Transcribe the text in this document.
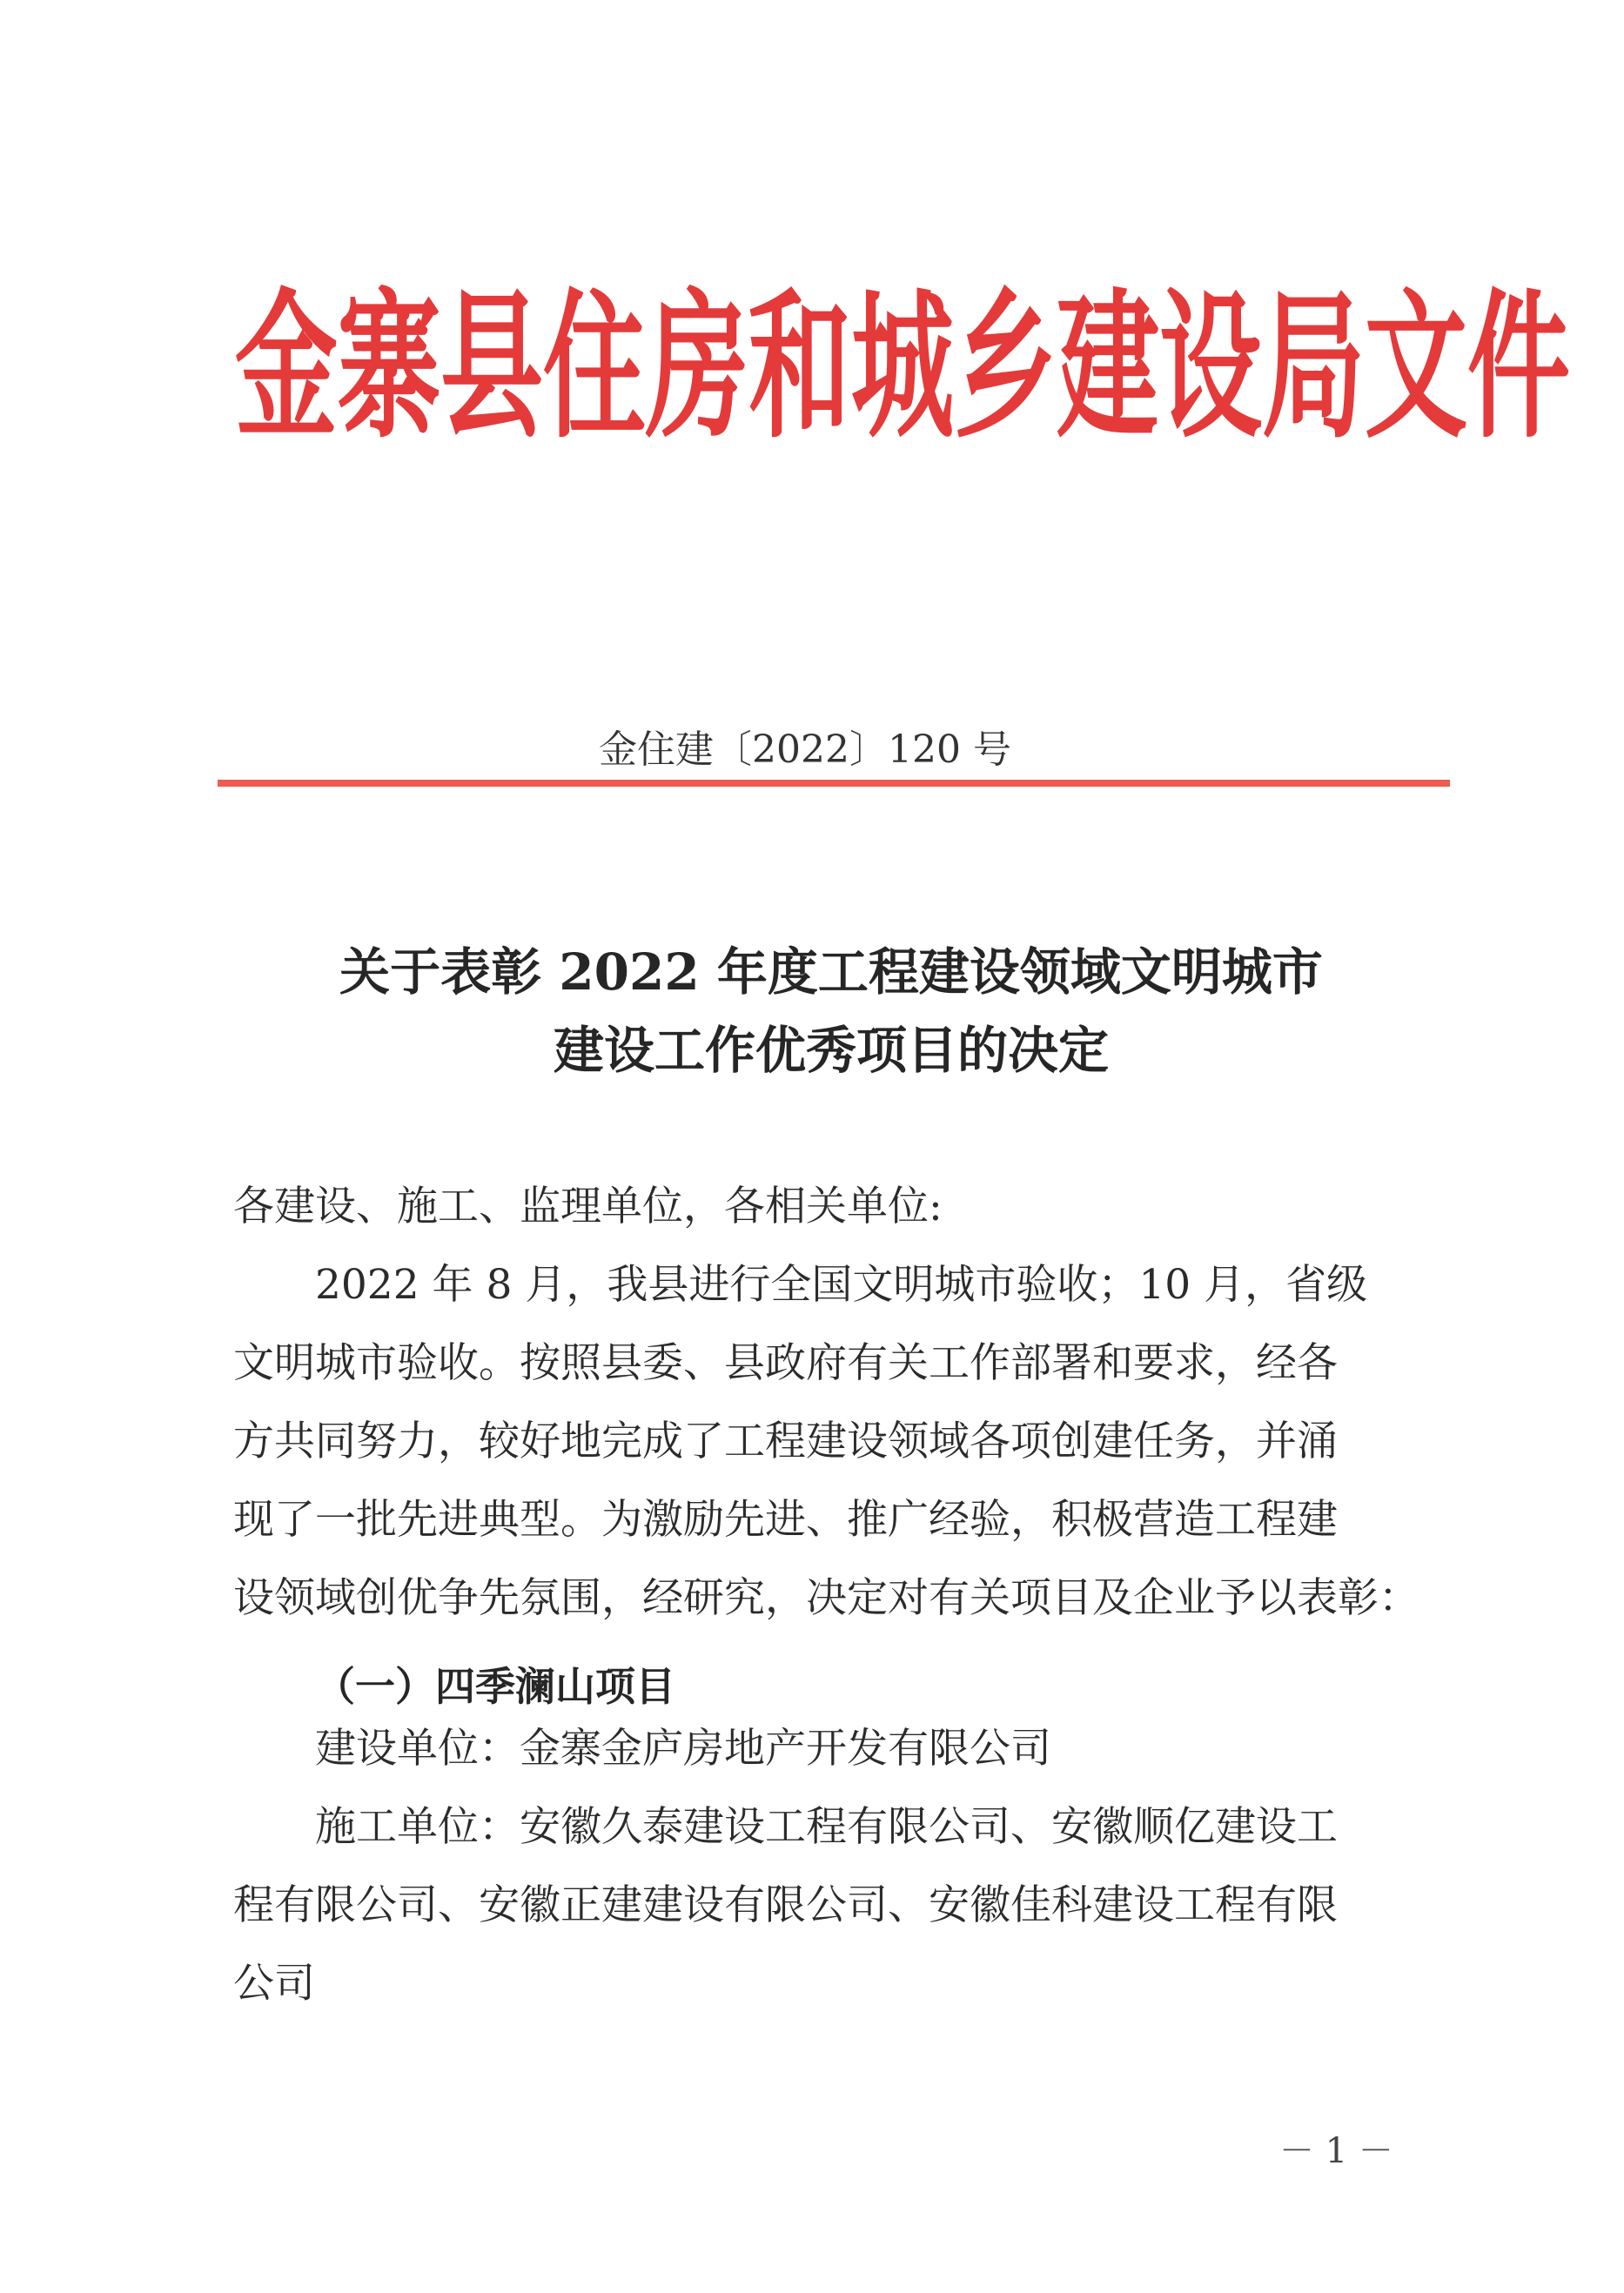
金寨县住房和城乡建设局文件
金住建〔2022〕120 号
关于表彰 2022 年度工程建设领域文明城市
建设工作优秀项目的决定
各建设、施工、监理单位，各相关单位:
2022 年 8 月，我县进行全国文明城市验收；10 月，省级
文明城市验收。按照县委、县政府有关工作部署和要求，经各
方共同努力，较好地完成了工程建设领域各项创建任务，并涌
现了一批先进典型。为激励先进、推广经验，积极营造工程建
设领域创优争先氛围，经研究，决定对有关项目及企业予以表彰：
（一）四季澜山项目
建设单位：金寨金庐房地产开发有限公司
施工单位：安徽久泰建设工程有限公司、安徽顺亿建设工
程有限公司、安徽正建建设有限公司、安徽佳科建设工程有限
公司
－ 1 －
